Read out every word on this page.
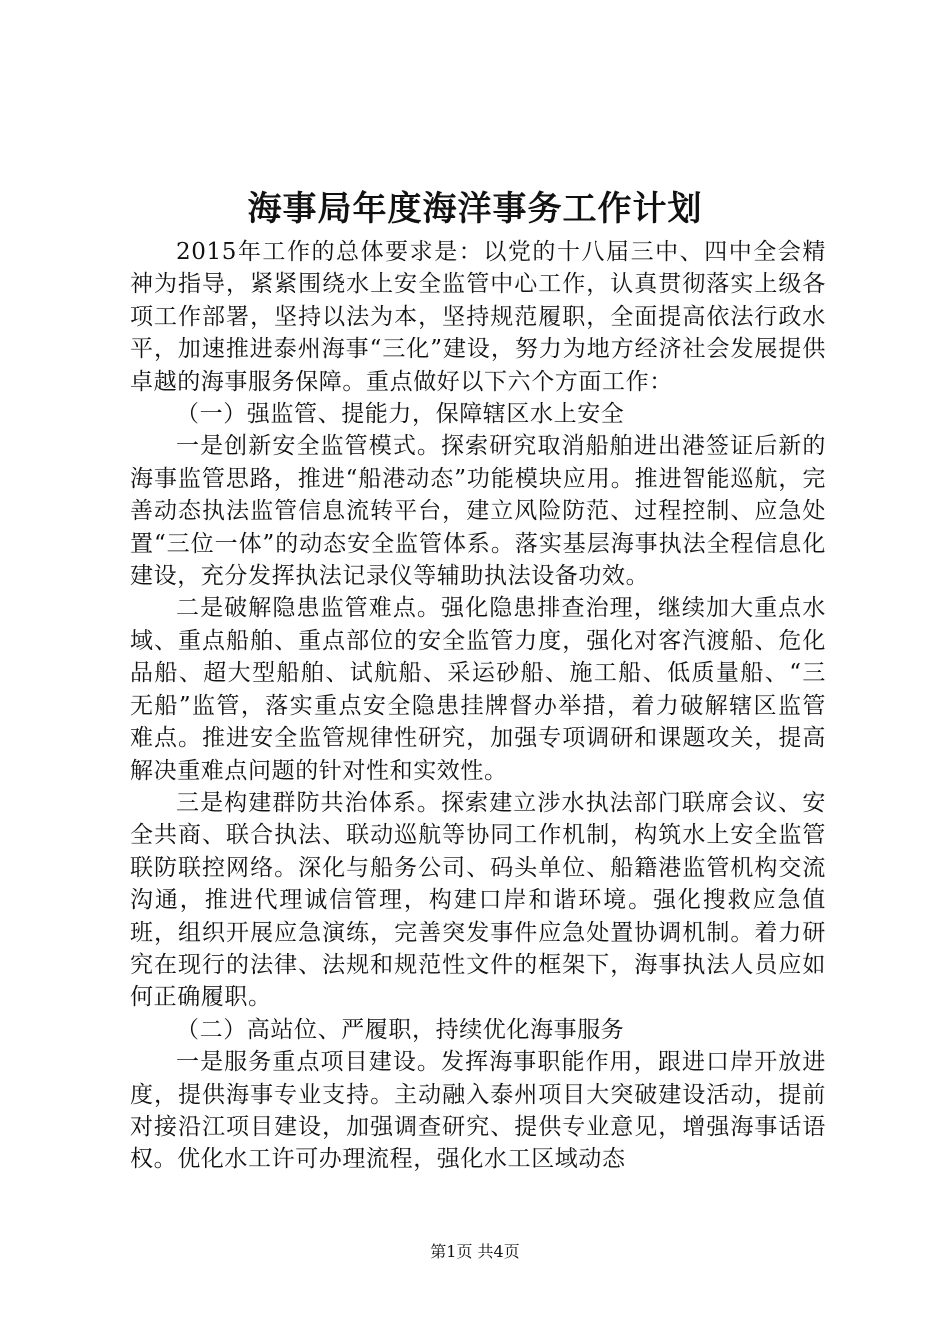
海事局年度海洋事务工作计划

2015年工作的总体要求是：以党的十八届三中、四中全会精神为指导，紧紧围绕水上安全监管中心工作，认真贯彻落实上级各项工作部署，坚持以法为本，坚持规范履职，全面提高依法行政水平，加速推进泰州海事“三化”建设，努力为地方经济社会发展提供卓越的海事服务保障。重点做好以下六个方面工作：

（一）强监管、提能力，保障辖区水上安全

一是创新安全监管模式。探索研究取消船舶进出港签证后新的海事监管思路，推进“船港动态”功能模块应用。推进智能巡航，完善动态执法监管信息流转平台，建立风险防范、过程控制、应急处置“三位一体”的动态安全监管体系。落实基层海事执法全程信息化建设，充分发挥执法记录仪等辅助执法设备功效。

二是破解隐患监管难点。强化隐患排查治理，继续加大重点水域、重点船舶、重点部位的安全监管力度，强化对客汽渡船、危化品船、超大型船舶、试航船、采运砂船、施工船、低质量船、“三无船”监管，落实重点安全隐患挂牌督办举措，着力破解辖区监管难点。推进安全监管规律性研究，加强专项调研和课题攻关，提高解决重难点问题的针对性和实效性。

三是构建群防共治体系。探索建立涉水执法部门联席会议、安全共商、联合执法、联动巡航等协同工作机制，构筑水上安全监管联防联控网络。深化与船务公司、码头单位、船籍港监管机构交流沟通，推进代理诚信管理，构建口岸和谐环境。强化搜救应急值班，组织开展应急演练，完善突发事件应急处置协调机制。着力研究在现行的法律、法规和规范性文件的框架下，海事执法人员应如何正确履职。

（二）高站位、严履职，持续优化海事服务

一是服务重点项目建设。发挥海事职能作用，跟进口岸开放进度，提供海事专业支持。主动融入泰州项目大突破建设活动，提前对接沿江项目建设，加强调查研究、提供专业意见，增强海事话语权。优化水工许可办理流程，强化水工区域动态

第1页 共4页
